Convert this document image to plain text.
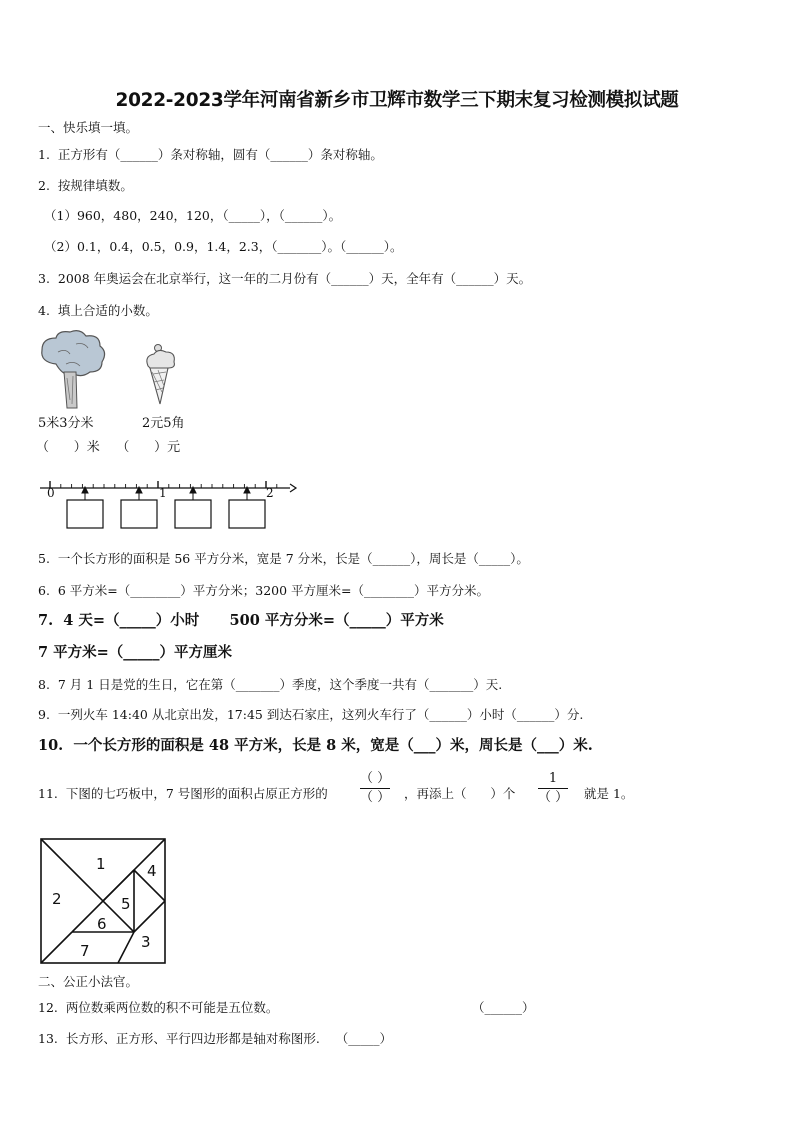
2022-2023学年河南省新乡市卫辉市数学三下期末复习检测模拟试题
一、快乐填一填。
1.  正方形有（______）条对称轴，圆有（______）条对称轴。
2.  按规律填数。
（1）960，480，240，120，（_____），（______）。
（2）0.1，0.4，0.5，0.9，1.4，2.3，（_______）。（______）。
3.  2008 年奥运会在北京举行，这一年的二月份有（______）天，全年有（______）天。
4.  填上合适的小数。
5米3分米	2元5角
（      ）米    （      ）元
0	1	2
5.  一个长方形的面积是 56 平方分米，宽是 7 分米，长是（______），周长是（_____）。
6.  6 平方米=（________）平方分米；3200 平方厘米=（________）平方分米。
7.  4 天=（_____）小时      500 平方分米=（_____）平方米
7 平方米=（_____）平方厘米
8.  7 月 1 日是党的生日，它在第（_______）季度，这个季度一共有（_______）天.
9.  一列火车 14:40 从北京出发，17:45 到达石家庄，这列火车行了（______）小时（______）分.
10.  一个长方形的面积是 48 平方米，长是 8 米，宽是（___）米，周长是（___）米.
11.  下图的七巧板中，7 号图形的面积占原正方形的
（ ）
（ ） ，再添上（      ）个
1
（ ） 就是 1。
1
2
3
4
5
6
7
二、公正小法官。
12.  两位数乘两位数的积不可能是五位数。	（______）
13.  长方形、正方形、平行四边形都是轴对称图形.    （_____）
